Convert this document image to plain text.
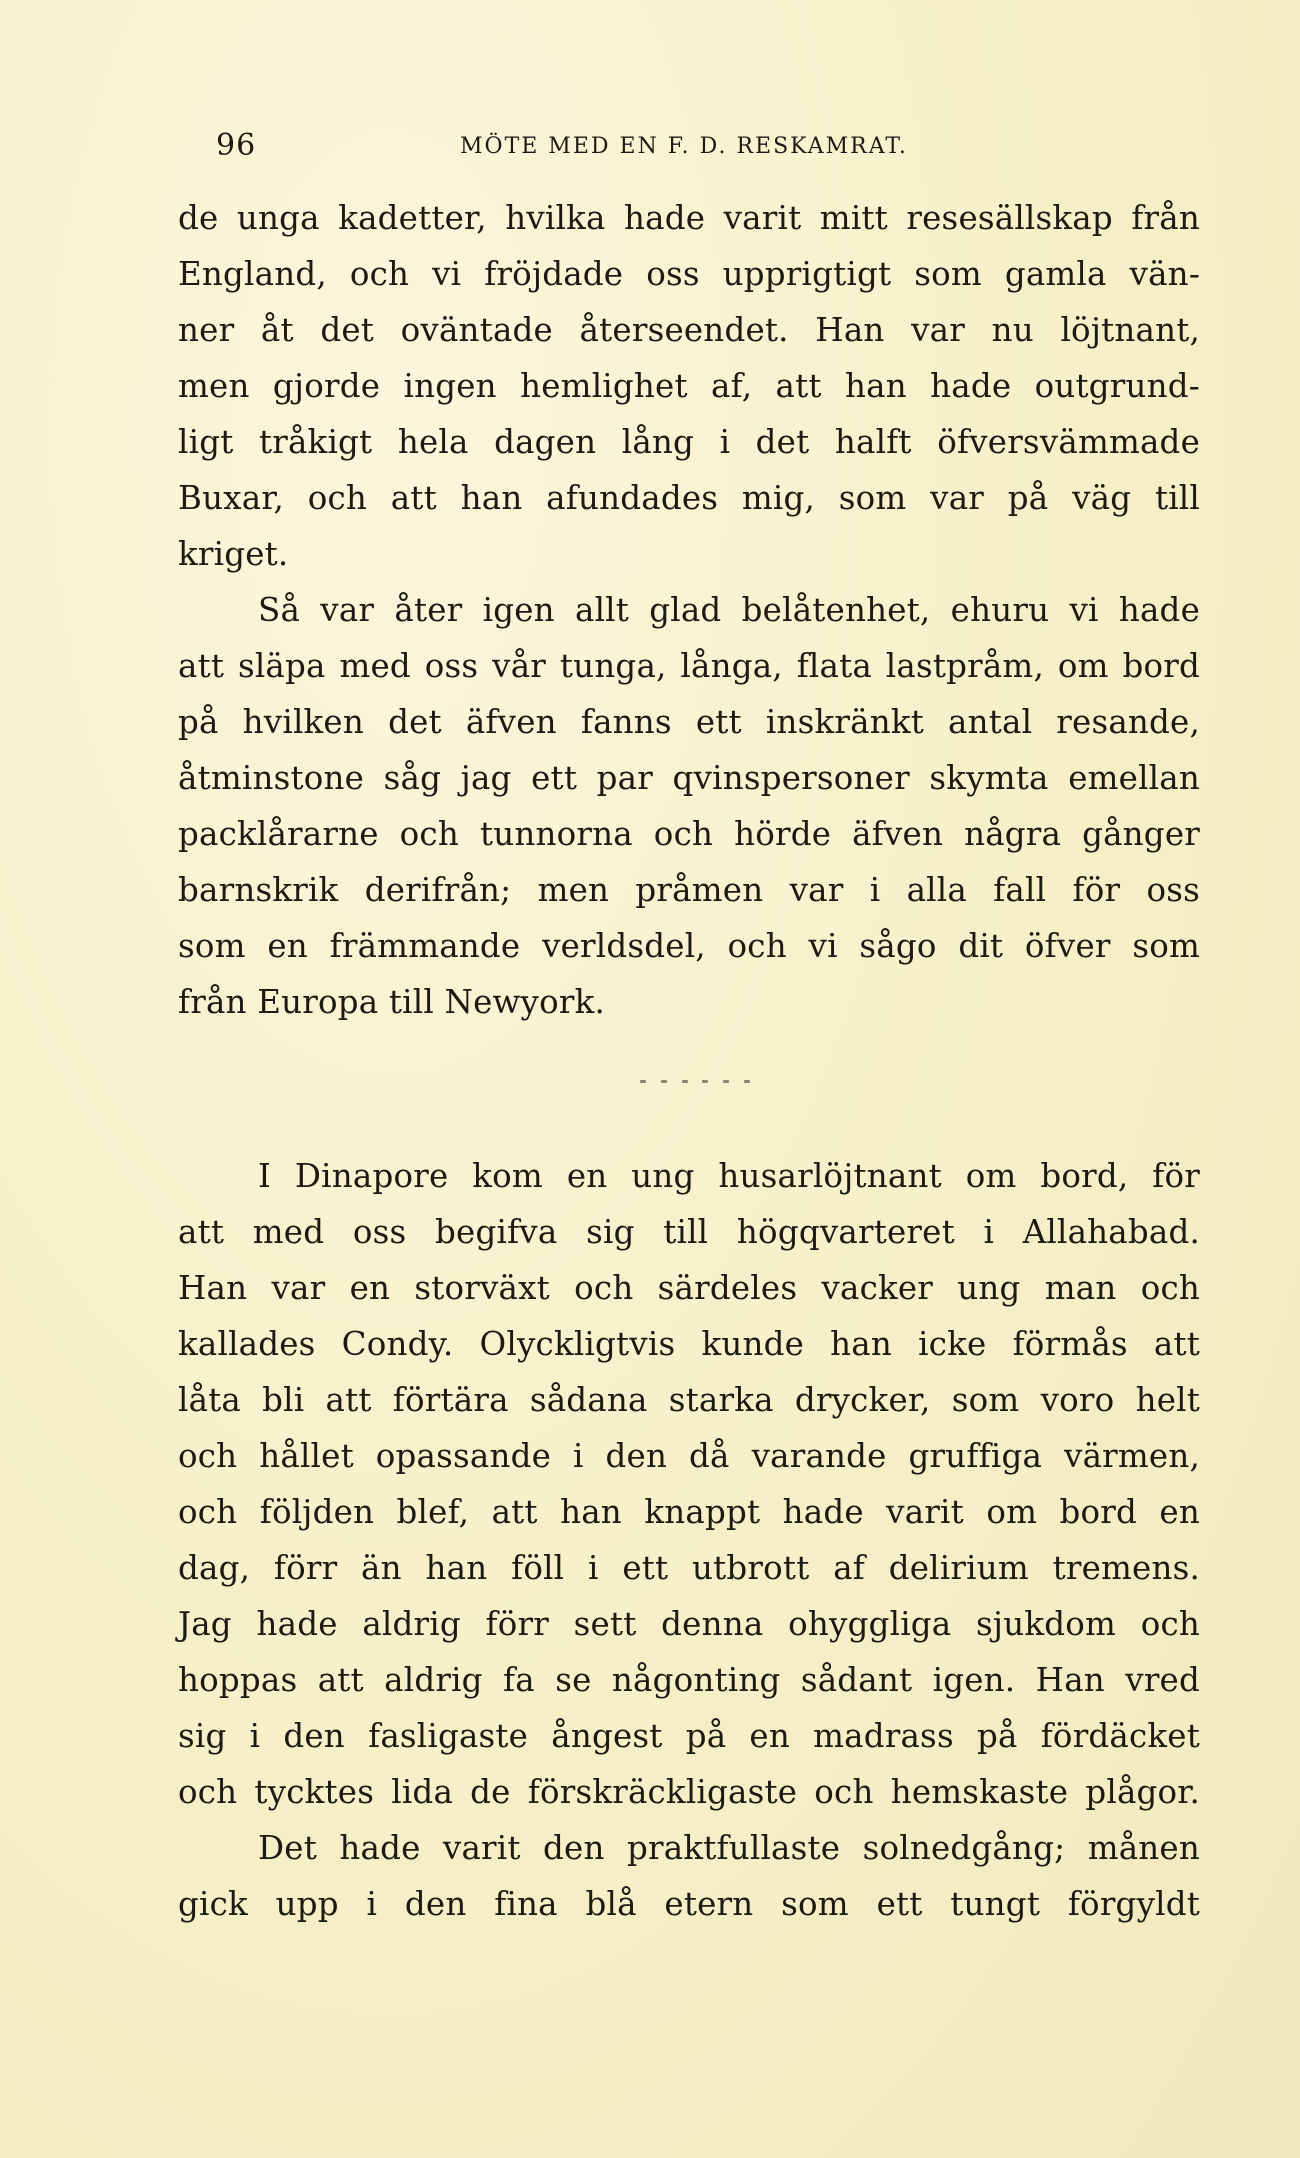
96	MÖTE MED EN F. D. RESKAMRAT.
de unga kadetter, hvilka hade varit mitt resesällskap från
England, och vi fröjdade oss upprigtigt som gamla vän-
ner åt det oväntade återseendet. Han var nu löjtnant,
men gjorde ingen hemlighet af, att han hade outgrund-
ligt tråkigt hela dagen lång i det halft öfversvämmade
Buxar, och att han afundades mig, som var på väg till
kriget.
Så var åter igen allt glad belåtenhet, ehuru vi hade
att släpa med oss vår tunga, långa, flata lastpråm, om bord
på hvilken det äfven fanns ett inskränkt antal resande,
åtminstone såg jag ett par qvinspersoner skymta emellan
packlårarne och tunnorna och hörde äfven några gånger
barnskrik derifrån; men pråmen var i alla fall för oss
som en främmande verldsdel, och vi sågo dit öfver som
från Europa till Newyork.
I Dinapore kom en ung husarlöjtnant om bord, för
att med oss begifva sig till högqvarteret i Allahabad.
Han var en storväxt och särdeles vacker ung man och
kallades Condy. Olyckligtvis kunde han icke förmås att
låta bli att förtära sådana starka drycker, som voro helt
och hållet opassande i den då varande gruffiga värmen,
och följden blef, att han knappt hade varit om bord en
dag, förr än han föll i ett utbrott af delirium tremens.
Jag hade aldrig förr sett denna ohyggliga sjukdom och
hoppas att aldrig fa se någonting sådant igen. Han vred
sig i den fasligaste ångest på en madrass på fördäcket
och tycktes lida de förskräckligaste och hemskaste plågor.
Det hade varit den praktfullaste solnedgång; månen
gick upp i den fina blå etern som ett tungt förgyldt
